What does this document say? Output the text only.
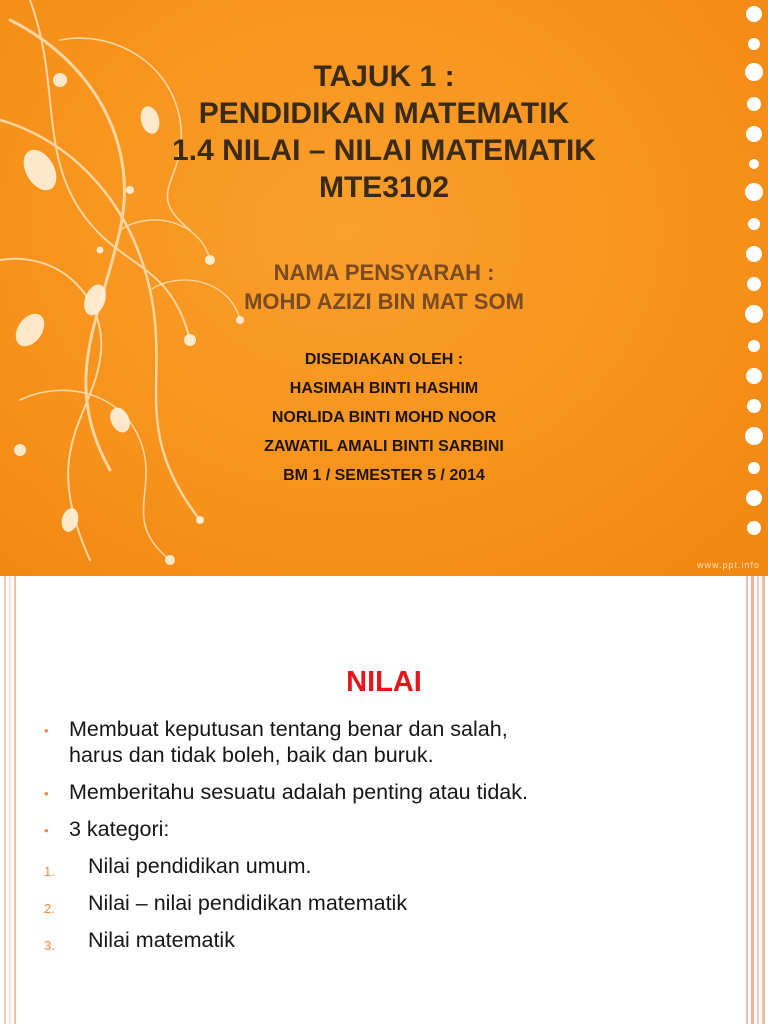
www.ppt.info
TAJUK 1 :
PENDIDIKAN MATEMATIK
1.4 NILAI – NILAI MATEMATIK
MTE3102
NAMA PENSYARAH :
MOHD AZIZI BIN MAT SOM
DISEDIAKAN OLEH :
HASIMAH BINTI HASHIM
NORLIDA BINTI MOHD NOOR
ZAWATIL AMALI BINTI SARBINI
BM 1 / SEMESTER 5 / 2014
NILAI
• Membuat keputusan tentang benar dan salah,
harus dan tidak boleh, baik dan buruk.
• Memberitahu sesuatu adalah penting atau tidak.
• 3 kategori:
1.	Nilai pendidikan umum.
2.	Nilai – nilai pendidikan matematik
3.	Nilai matematik
